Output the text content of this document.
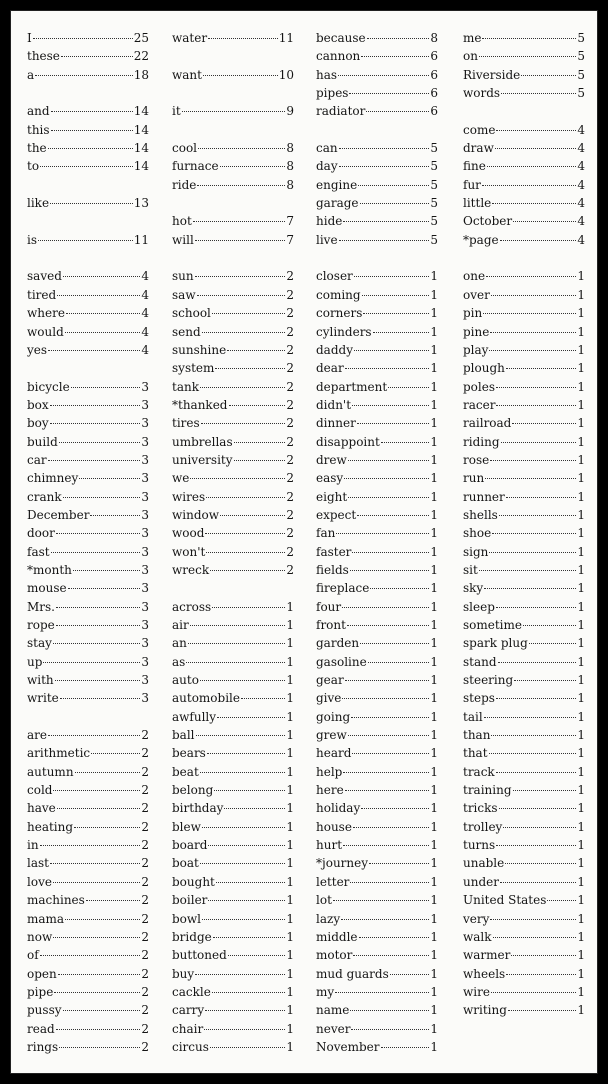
I	25
these	22
a	18
and	14
this	14
the	14
to	14
like	13
is	11
saved	4
tired	4
where	4
would	4
yes	4
bicycle	3
box	3
boy	3
build	3
car	3
chimney	3
crank	3
December	3
door	3
fast	3
*month	3
mouse	3
Mrs.	3
rope	3
stay	3
up	3
with	3
write	3
are	2
arithmetic	2
autumn	2
cold	2
have	2
heating	2
in	2
last	2
love	2
machines	2
mama	2
now	2
of	2
open	2
pipe	2
pussy	2
read	2
rings	2
water	11
want	10
it	9
cool	8
furnace	8
ride	8
hot	7
will	7
sun	2
saw	2
school	2
send	2
sunshine	2
system	2
tank	2
*thanked	2
tires	2
umbrellas	2
university	2
we	2
wires	2
window	2
wood	2
won't	2
wreck	2
across	1
air	1
an	1
as	1
auto	1
automobile	1
awfully	1
ball	1
bears	1
beat	1
belong	1
birthday	1
blew	1
board	1
boat	1
bought	1
boiler	1
bowl	1
bridge	1
buttoned	1
buy	1
cackle	1
carry	1
chair	1
circus	1
because	8
cannon	6
has	6
pipes	6
radiator	6
can	5
day	5
engine	5
garage	5
hide	5
live	5
closer	1
coming	1
corners	1
cylinders	1
daddy	1
dear	1
department	1
didn't	1
dinner	1
disappoint	1
drew	1
easy	1
eight	1
expect	1
fan	1
faster	1
fields	1
fireplace	1
four	1
front	1
garden	1
gasoline	1
gear	1
give	1
going	1
grew	1
heard	1
help	1
here	1
holiday	1
house	1
hurt	1
*journey	1
letter	1
lot	1
lazy	1
middle	1
motor	1
mud guards	1
my	1
name	1
never	1
November	1
me	5
on	5
Riverside	5
words	5
come	4
draw	4
fine	4
fur	4
little	4
October	4
*page	4
one	1
over	1
pin	1
pine	1
play	1
plough	1
poles	1
racer	1
railroad	1
riding	1
rose	1
run	1
runner	1
shells	1
shoe	1
sign	1
sit	1
sky	1
sleep	1
sometime	1
spark plug	1
stand	1
steering	1
steps	1
tail	1
than	1
that	1
track	1
training	1
tricks	1
trolley	1
turns	1
unable	1
under	1
United States	1
very	1
walk	1
warmer	1
wheels	1
wire	1
writing	1
